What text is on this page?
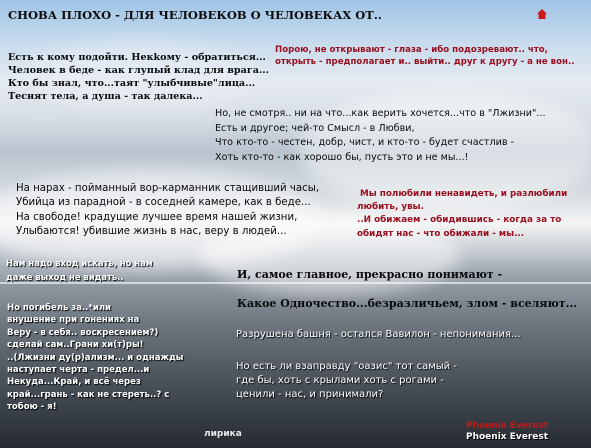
СНОВА ПЛОХО - ДЛЯ ЧЕЛОВЕКОВ О ЧЕЛОВЕКАХ ОТ..
Есть к кому подойти. Некkому - обратиться...
Человек в беде - как глупый клад для врага...
Кто бы знал, что...таят "улыбчивые"лица...
Теснят тела, а душа - так далека...
Порою, не открывают - глаза - ибо подозревают.. что,
открыть - предполагает и.. выйти.. друг к другу - а не вон..
Но, не смотря.. ни на что...как верить хочется...что в "Лжизни"...
Есть и другое; чей-то Смысл - в Любви,
Что кто-то - честен, добр, чист, и кто-то - будет счастлив -
Хоть кто-то - как хорошо бы, пусть это и не мы...!
На нарах - пойманный вор-карманник стащивший часы,
Убийца из парадной - в соседней камере, как в беде...
На свободе! крадущие лучшее время нашей жизни,
Улыбаются! убившие жизнь в нас, веру в людей...
Мы полюбили ненавидеть, и разлюбили
любить, увы.
..И обижаем - обидившись - когда за то
обидят нас - что обижали - мы...
Нам надо вход искать, но нам
даже выход не видать..	И, самое главное, прекрасно понимают -
Какое Одночество...безразличьем, злом - вселяют...
Разрушена башня - остался Вавилон - непонимания...
Но есть ли взаправду "оазис" тот самый -
где бы, хоть с крылами хоть с рогами -
ценили - нас, и принимали?
Но погибель за..*или
внушение при гонениях на
Веру - в себя.. воскресением?)
сделай сам..Грани хи(т)ры!
..(Лжизни ду(р)ализм... и однажды
наступает черта - предел...и
Некуда...Край, и всё через
край...грань - как не стереть..? с
тобою - я!
лирика
Phoenix Everest
Phoenix Everest
